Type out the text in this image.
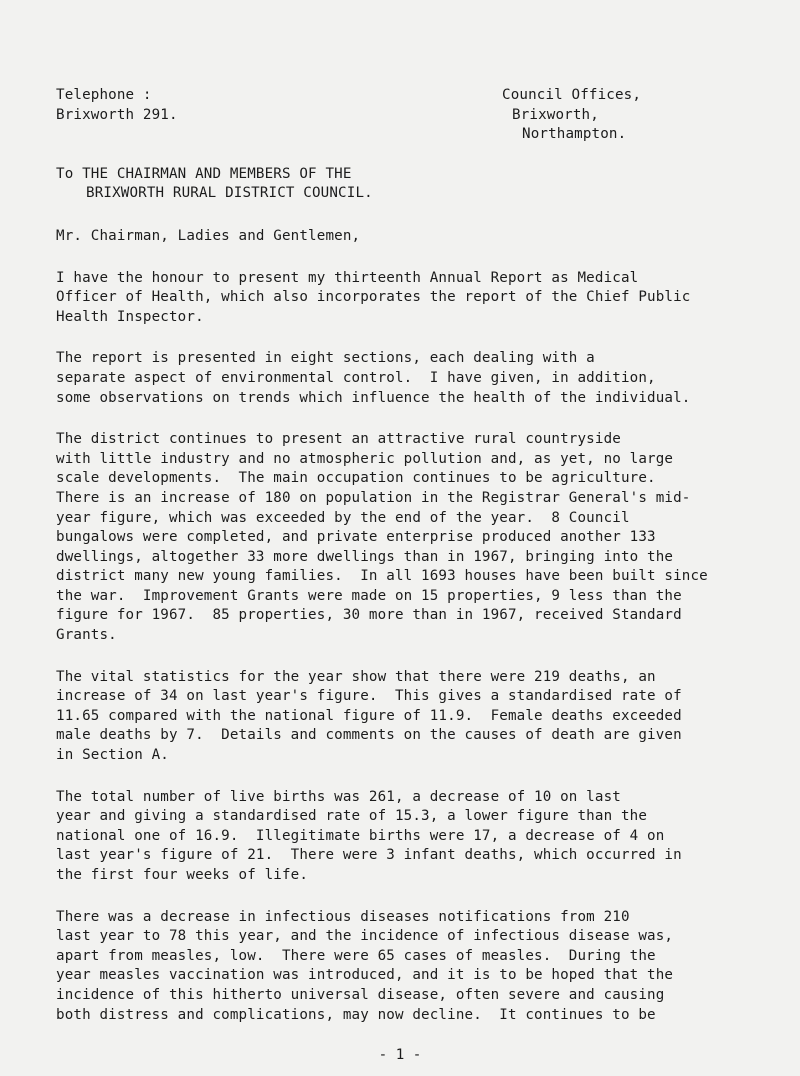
Telephone :
Brixworth 291.
Council Offices,
Brixworth,
Northampton.
To THE CHAIRMAN AND MEMBERS OF THE
BRIXWORTH RURAL DISTRICT COUNCIL.
Mr. Chairman, Ladies and Gentlemen,
I have the honour to present my thirteenth Annual Report as Medical
Officer of Health, which also incorporates the report of the Chief Public
Health Inspector.
The report is presented in eight sections, each dealing with a
separate aspect of environmental control.  I have given, in addition,
some observations on trends which influence the health of the individual.
The district continues to present an attractive rural countryside
with little industry and no atmospheric pollution and, as yet, no large
scale developments.  The main occupation continues to be agriculture.
There is an increase of 180 on population in the Registrar General's mid-
year figure, which was exceeded by the end of the year.  8 Council
bungalows were completed, and private enterprise produced another 133
dwellings, altogether 33 more dwellings than in 1967, bringing into the
district many new young families.  In all 1693 houses have been built since
the war.  Improvement Grants were made on 15 properties, 9 less than the
figure for 1967.  85 properties, 30 more than in 1967, received Standard
Grants.
The vital statistics for the year show that there were 219 deaths, an
increase of 34 on last year's figure.  This gives a standardised rate of
11.65 compared with the national figure of 11.9.  Female deaths exceeded
male deaths by 7.  Details and comments on the causes of death are given
in Section A.
The total number of live births was 261, a decrease of 10 on last
year and giving a standardised rate of 15.3, a lower figure than the
national one of 16.9.  Illegitimate births were 17, a decrease of 4 on
last year's figure of 21.  There were 3 infant deaths, which occurred in
the first four weeks of life.
There was a decrease in infectious diseases notifications from 210
last year to 78 this year, and the incidence of infectious disease was,
apart from measles, low.  There were 65 cases of measles.  During the
year measles vaccination was introduced, and it is to be hoped that the
incidence of this hitherto universal disease, often severe and causing
both distress and complications, may now decline.  It continues to be
- 1 -
